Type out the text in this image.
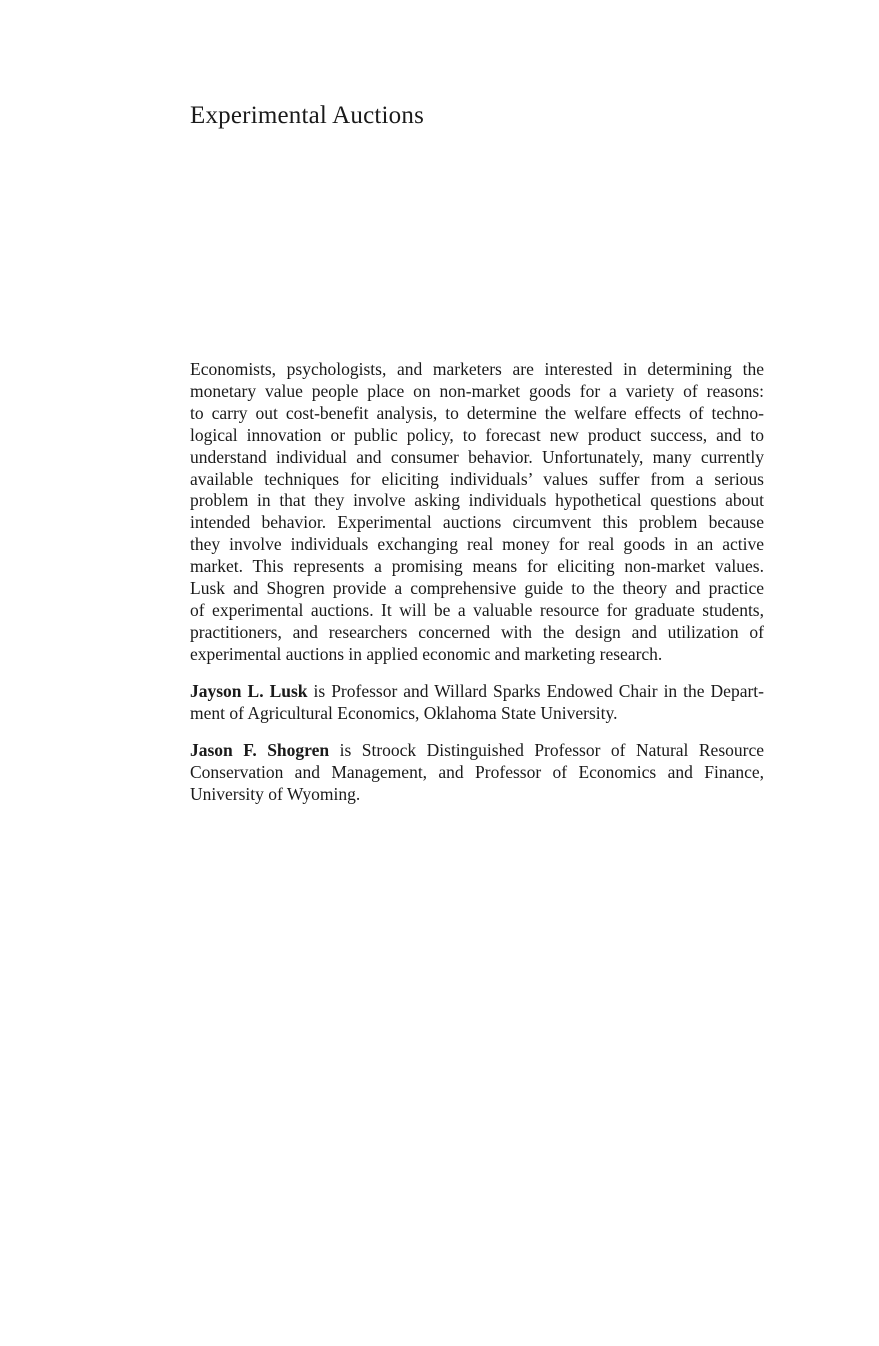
Experimental Auctions
Economists, psychologists, and marketers are interested in determining the
monetary value people place on non-market goods for a variety of reasons:
to carry out cost-benefit analysis, to determine the welfare effects of techno-
logical innovation or public policy, to forecast new product success, and to
understand individual and consumer behavior. Unfortunately, many currently
available techniques for eliciting individuals’ values suffer from a serious
problem in that they involve asking individuals hypothetical questions about
intended behavior. Experimental auctions circumvent this problem because
they involve individuals exchanging real money for real goods in an active
market. This represents a promising means for eliciting non-market values.
Lusk and Shogren provide a comprehensive guide to the theory and practice
of experimental auctions. It will be a valuable resource for graduate students,
practitioners, and researchers concerned with the design and utilization of
experimental auctions in applied economic and marketing research.
Jayson L. Lusk is Professor and Willard Sparks Endowed Chair in the Depart-
ment of Agricultural Economics, Oklahoma State University.
Jason F. Shogren is Stroock Distinguished Professor of Natural Resource
Conservation and Management, and Professor of Economics and Finance,
University of Wyoming.
